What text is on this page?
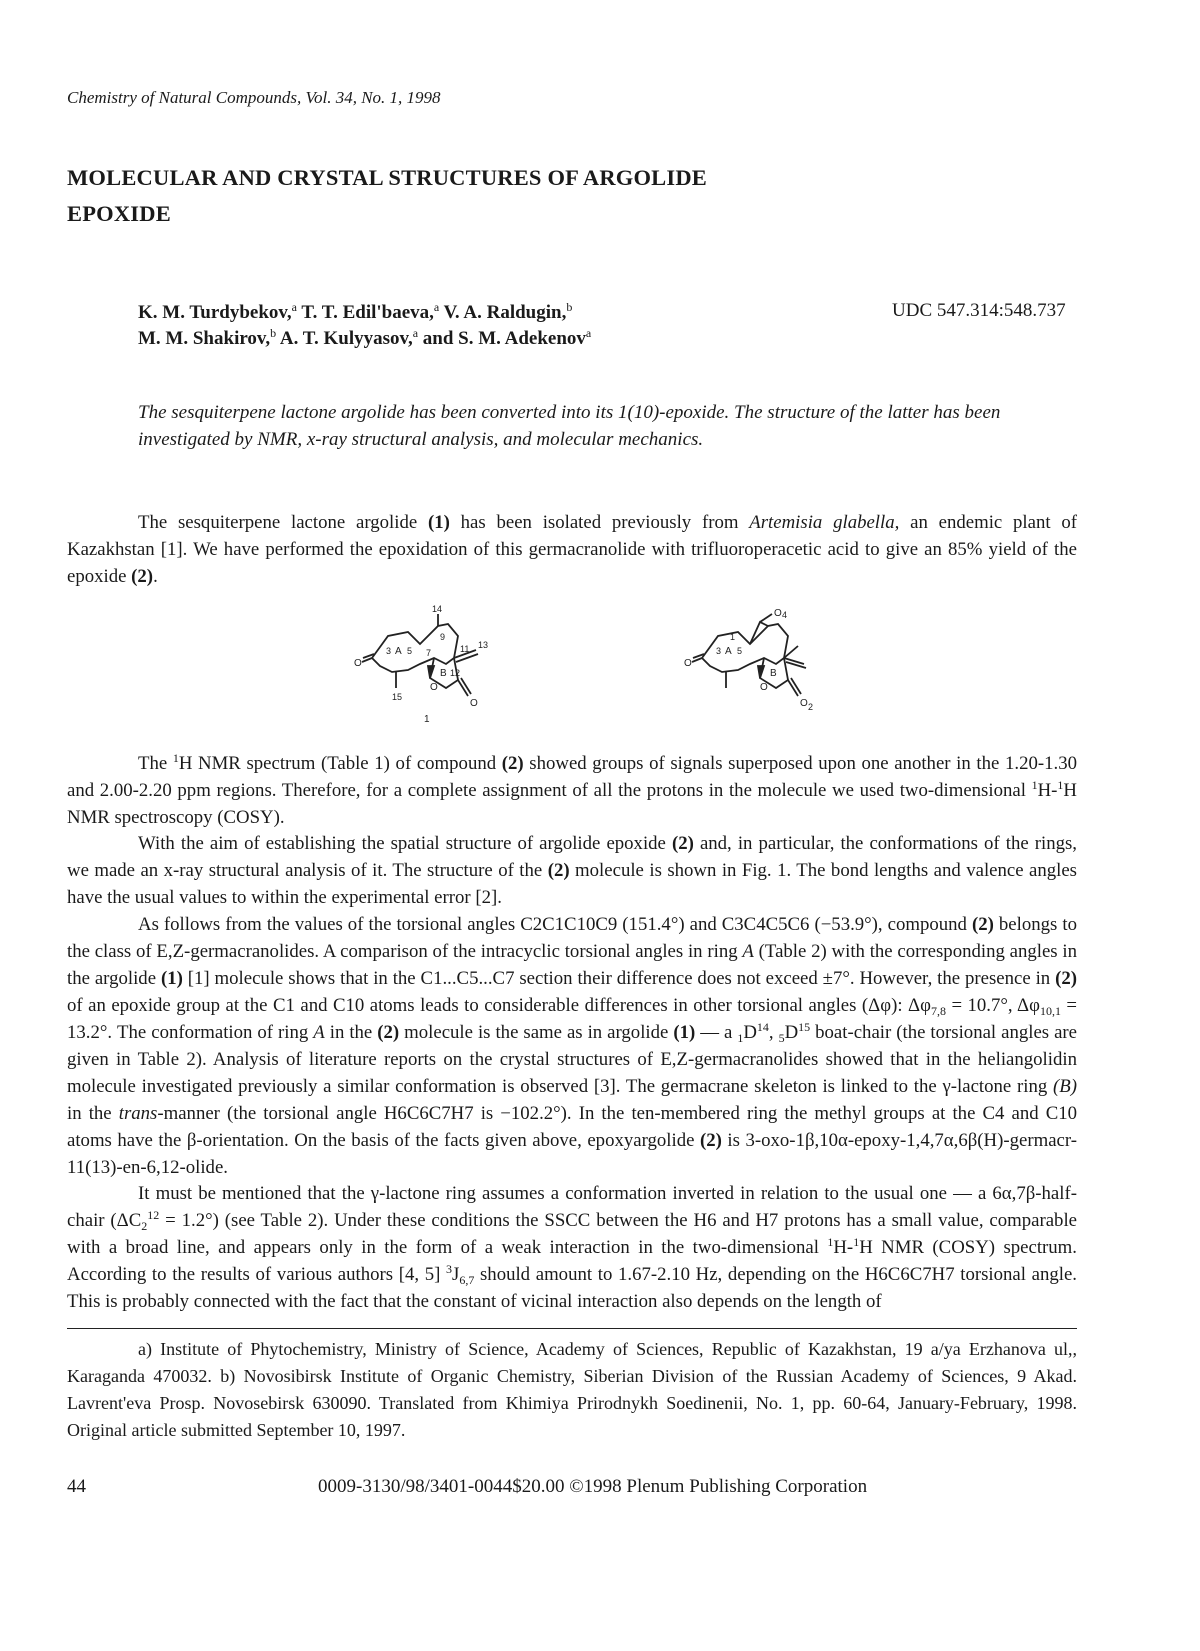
Chemistry of Natural Compounds, Vol. 34, No. 1, 1998
MOLECULAR AND CRYSTAL STRUCTURES OF ARGOLIDE
EPOXIDE
K. M. Turdybekov,$^a$ T. T. Edil'baeva,$^a$ V. A. Raldugin,$^b$
M. M. Shakirov,$^b$ A. T. Kulyyasov,$^a$ and S. M. Adekenov$^a$
UDC 547.314:548.737
The sesquiterpene lactone argolide has been converted into its 1(10)-epoxide. The structure of the latter has been investigated by NMR, x-ray structural analysis, and molecular mechanics.

The sesquiterpene lactone argolide (1) has been isolated previously from Artemisia glabella, an endemic plant of Kazakhstan [1]. We have performed the epoxidation of this germacranolide with trifluoroperacetic acid to give an 85% yield of the epoxide (2).

14
9
3 A 5 7	11 13
B 12
O
O
O
15
1
O 4
1
3 A 5
B
O
O
O 2

The $^1$H NMR spectrum (Table 1) of compound (2) showed groups of signals superposed upon one another in the 1.20-1.30 and 2.00-2.20 ppm regions. Therefore, for a complete assignment of all the protons in the molecule we used two-dimensional $^1$H-$^1$H NMR spectroscopy (COSY).

With the aim of establishing the spatial structure of argolide epoxide (2) and, in particular, the conformations of the rings, we made an x-ray structural analysis of it. The structure of the (2) molecule is shown in Fig. 1. The bond lengths and valence angles have the usual values to within the experimental error [2].

As follows from the values of the torsional angles C2C1C10C9 (151.4°) and C3C4C5C6 (−53.9°), compound (2) belongs to the class of E,Z-germacranolides. A comparison of the intracyclic torsional angles in ring A (Table 2) with the corresponding angles in the argolide (1) [1] molecule shows that in the C1...C5...C7 section their difference does not exceed ±7°. However, the presence in (2) of an epoxide group at the C1 and C10 atoms leads to considerable differences in other torsional angles (Δφ): $\Delta\varphi_{7,8} = 10.7^\circ$, $\Delta\varphi_{10,1} = 13.2^\circ$. The conformation of ring A in the (2) molecule is the same as in argolide (1) — a $_1D^{14}$, $_5D^{15}$ boat-chair (the torsional angles are given in Table 2). Analysis of literature reports on the crystal structures of E,Z-germacranolides showed that in the heliangolidin molecule investigated previously a similar conformation is observed [3]. The germacrane skeleton is linked to the γ-lactone ring (B) in the trans-manner (the torsional angle H6C6C7H7 is −102.2°). In the ten-membered ring the methyl groups at the C4 and C10 atoms have the β-orientation. On the basis of the facts given above, epoxyargolide (2) is 3-oxo-1β,10α-epoxy-1,4,7α,6β(H)-germacr-11(13)-en-6,12-olide.

It must be mentioned that the γ-lactone ring assumes a conformation inverted in relation to the usual one — a 6α,7β-half-chair $(\Delta C_2^{12} = 1.2^\circ)$ (see Table 2). Under these conditions the SSCC between the H6 and H7 protons has a small value, comparable with a broad line, and appears only in the form of a weak interaction in the two-dimensional $^1$H-$^1$H NMR (COSY) spectrum. According to the results of various authors [4, 5] $^3J_{6,7}$ should amount to 1.67-2.10 Hz, depending on the H6C6C7H7 torsional angle. This is probably connected with the fact that the constant of vicinal interaction also depends on the length of

a) Institute of Phytochemistry, Ministry of Science, Academy of Sciences, Republic of Kazakhstan, 19 a/ya Erzhanova ul,, Karaganda 470032. b) Novosibirsk Institute of Organic Chemistry, Siberian Division of the Russian Academy of Sciences, 9 Akad. Lavrent'eva Prosp. Novosebirsk 630090. Translated from Khimiya Prirodnykh Soedinenii, No. 1, pp. 60-64, January-February, 1998. Original article submitted September 10, 1997.
44	0009-3130/98/3401-0044$20.00 ©1998 Plenum Publishing Corporation
